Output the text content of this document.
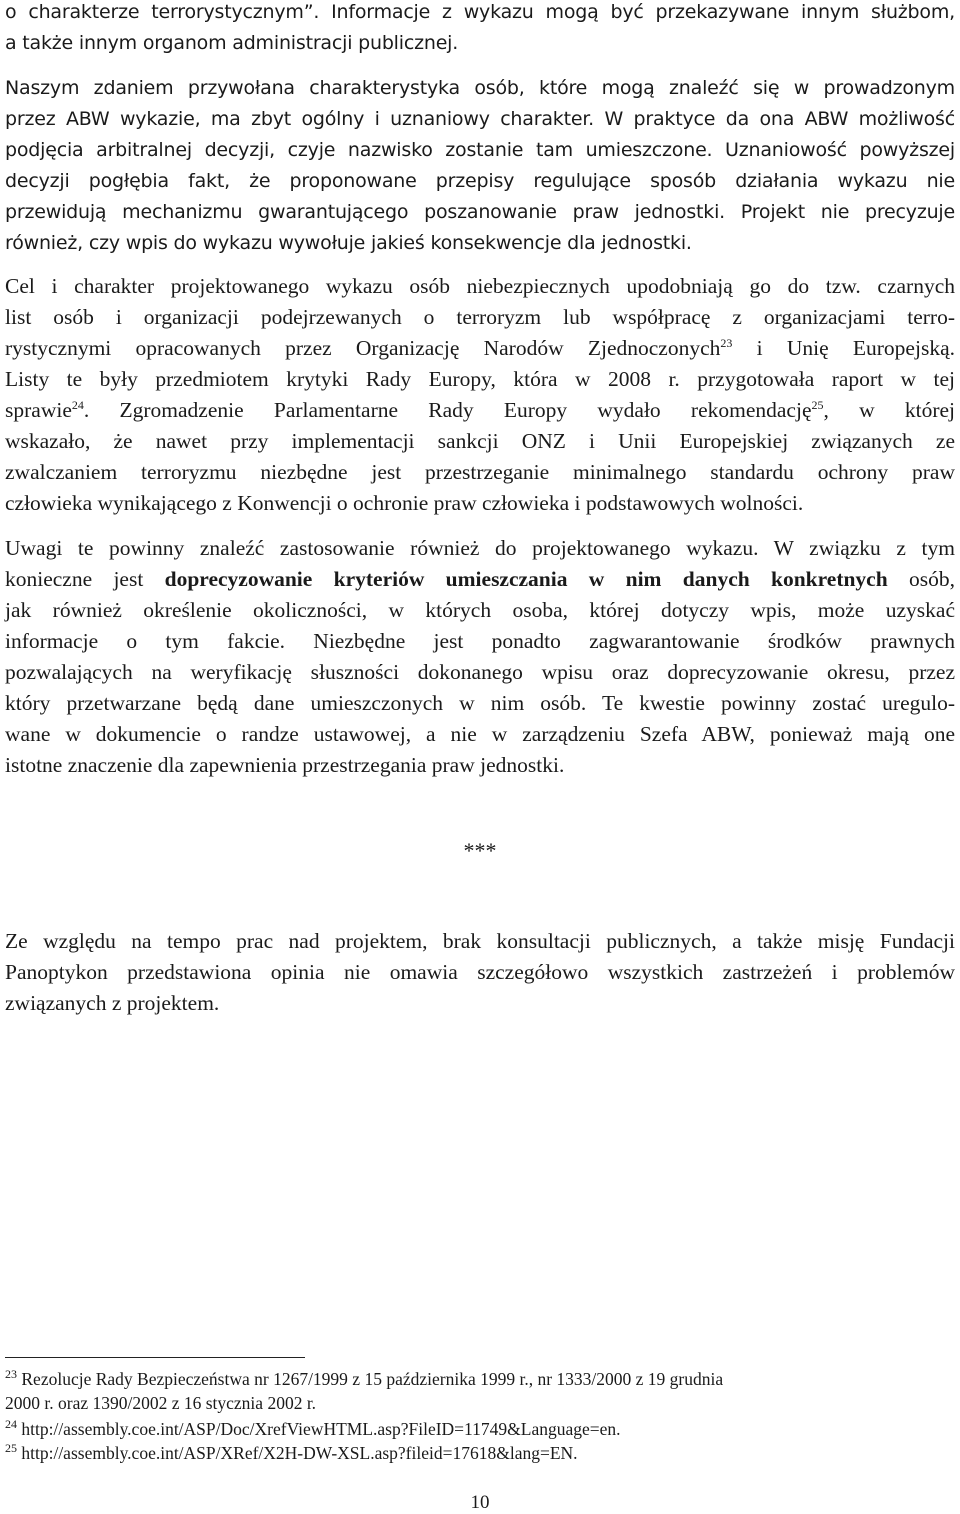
o charakterze terrorystycznym”. Informacje z wykazu mogą być przekazywane innym służbom,
a także innym organom administracji publicznej.
Naszym zdaniem przywołana charakterystyka osób, które mogą znaleźć się w prowadzonym
przez ABW wykazie, ma zbyt ogólny i uznaniowy charakter. W praktyce da ona ABW możliwość
podjęcia arbitralnej decyzji, czyje nazwisko zostanie tam umieszczone. Uznaniowość powyższej
decyzji pogłębia fakt, że proponowane przepisy regulujące sposób działania wykazu nie
przewidują mechanizmu gwarantującego poszanowanie praw jednostki. Projekt nie precyzuje
również, czy wpis do wykazu wywołuje jakieś konsekwencje dla jednostki.
Cel i charakter projektowanego wykazu osób niebezpiecznych upodobniają go do tzw. czarnych
list osób i organizacji podejrzewanych o terroryzm lub współpracę z organizacjami terro-
rystycznymi opracowanych przez Organizację Narodów Zjednoczonych$^{23}$ i Unię Europejską.
Listy te były przedmiotem krytyki Rady Europy, która w 2008 r. przygotowała raport w tej
sprawie$^{24}$. Zgromadzenie Parlamentarne Rady Europy wydało rekomendację$^{25}$, w której
wskazało, że nawet przy implementacji sankcji ONZ i Unii Europejskiej związanych ze
zwalczaniem terroryzmu niezbędne jest przestrzeganie minimalnego standardu ochrony praw
człowieka wynikającego z Konwencji o ochronie praw człowieka i podstawowych wolności.
Uwagi te powinny znaleźć zastosowanie również do projektowanego wykazu. W związku z tym
konieczne jest doprecyzowanie kryteriów umieszczania w nim danych konkretnych osób,
jak również określenie okoliczności, w których osoba, której dotyczy wpis, może uzyskać
informacje o tym fakcie. Niezbędne jest ponadto zagwarantowanie środków prawnych
pozwalających na weryfikację słuszności dokonanego wpisu oraz doprecyzowanie okresu, przez
który przetwarzane będą dane umieszczonych w nim osób. Te kwestie powinny zostać uregulo-
wane w dokumencie o randze ustawowej, a nie w zarządzeniu Szefa ABW, ponieważ mają one
istotne znaczenie dla zapewnienia przestrzegania praw jednostki.
***
Ze względu na tempo prac nad projektem, brak konsultacji publicznych, a także misję Fundacji
Panoptykon przedstawiona opinia nie omawia szczegółowo wszystkich zastrzeżeń i problemów
związanych z projektem.
$^{23}$ Rezolucje Rady Bezpieczeństwa nr 1267/1999 z 15 października 1999 r., nr 1333/2000 z 19 grudnia
2000 r. oraz 1390/2002 z 16 stycznia 2002 r.
$^{24}$ http://assembly.coe.int/ASP/Doc/XrefViewHTML.asp?FileID=11749&Language=en.
$^{25}$ http://assembly.coe.int/ASP/XRef/X2H-DW-XSL.asp?fileid=17618&lang=EN.
10
